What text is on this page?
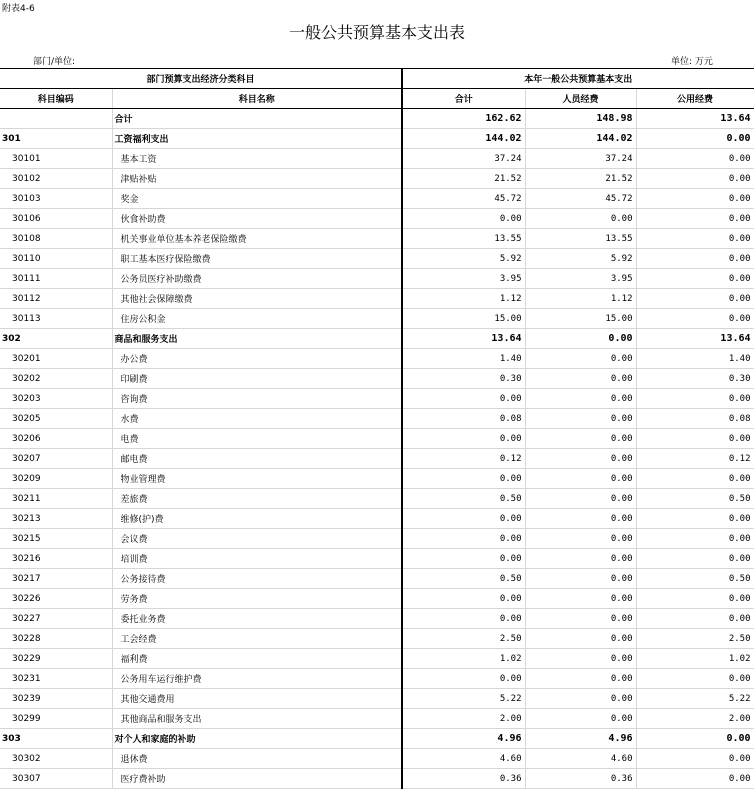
附表4-6
一般公共预算基本支出表
部门/单位:	单位: 万元
部门预算支出经济分类科目		本年一般公共预算基本支出		
科目编码	科目名称	合计	人员经费	公用经费
	合计	162.62	148.98	13.64
301	工资福利支出	144.02	144.02	0.00
30101	基本工资	37.24	37.24	0.00
30102	津贴补贴	21.52	21.52	0.00
30103	奖金	45.72	45.72	0.00
30106	伙食补助费	0.00	0.00	0.00
30108	机关事业单位基本养老保险缴费	13.55	13.55	0.00
30110	职工基本医疗保险缴费	5.92	5.92	0.00
30111	公务员医疗补助缴费	3.95	3.95	0.00
30112	其他社会保障缴费	1.12	1.12	0.00
30113	住房公积金	15.00	15.00	0.00
302	商品和服务支出	13.64	0.00	13.64
30201	办公费	1.40	0.00	1.40
30202	印刷费	0.30	0.00	0.30
30203	咨询费	0.00	0.00	0.00
30205	水费	0.08	0.00	0.08
30206	电费	0.00	0.00	0.00
30207	邮电费	0.12	0.00	0.12
30209	物业管理费	0.00	0.00	0.00
30211	差旅费	0.50	0.00	0.50
30213	维修(护)费	0.00	0.00	0.00
30215	会议费	0.00	0.00	0.00
30216	培训费	0.00	0.00	0.00
30217	公务接待费	0.50	0.00	0.50
30226	劳务费	0.00	0.00	0.00
30227	委托业务费	0.00	0.00	0.00
30228	工会经费	2.50	0.00	2.50
30229	福利费	1.02	0.00	1.02
30231	公务用车运行维护费	0.00	0.00	0.00
30239	其他交通费用	5.22	0.00	5.22
30299	其他商品和服务支出	2.00	0.00	2.00
303	对个人和家庭的补助	4.96	4.96	0.00
30302	退休费	4.60	4.60	0.00
30307	医疗费补助	0.36	0.36	0.00
